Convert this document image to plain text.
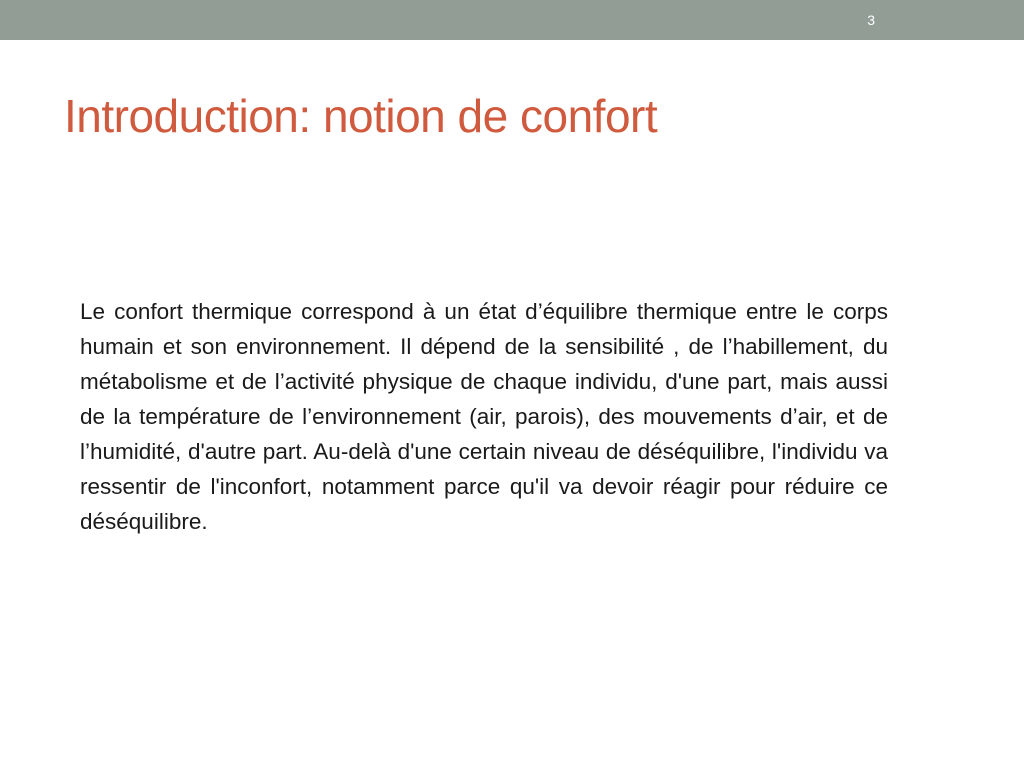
3
Introduction: notion de confort

Le confort thermique correspond à un état d’équilibre thermique entre le corps humain et son environnement. Il dépend de la sensibilité , de l’habillement, du métabolisme et de l’activité physique de chaque individu, d'une part, mais aussi de la température de l’environnement (air, parois), des mouvements d’air, et de l’humidité, d'autre part. Au-delà d'une certain niveau de déséquilibre, l'individu va ressentir de l'inconfort, notamment parce qu'il va devoir réagir pour réduire ce déséquilibre.
